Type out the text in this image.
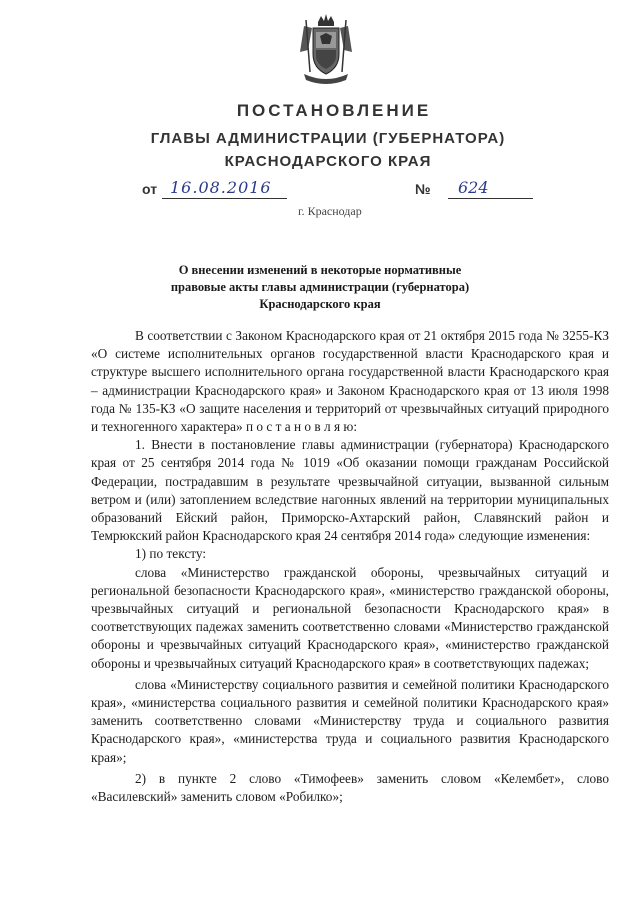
ПОСТАНОВЛЕНИЕ
ГЛАВЫ АДМИНИСТРАЦИИ (ГУБЕРНАТОРА)
КРАСНОДАРСКОГО КРАЯ
от 16.08.2016	№ 624
г. Краснодар
О внесении изменений в некоторые нормативные
правовые акты главы администрации (губернатора)
Краснодарского края

В соответствии с Законом Краснодарского края от 21 октября 2015 года № 3255-КЗ «О системе исполнительных органов государственной власти Краснодарского края и структуре высшего исполнительного органа государственной власти Краснодарского края – администрации Краснодарского края» и Законом Краснодарского края от 13 июля 1998 года № 135-КЗ «О защите населения и территорий от чрезвычайных ситуаций природного и техногенного характера» п о с т а н о в л я ю:

1. Внести в постановление главы администрации (губернатора) Краснодарского края от 25 сентября 2014 года № 1019 «Об оказании помощи гражданам Российской Федерации, пострадавшим в результате чрезвычайной ситуации, вызванной сильным ветром и (или) затоплением вследствие нагонных явлений на территории муниципальных образований Ейский район, Приморско-Ахтарский район, Славянский район и Темрюкский район Краснодарского края 24 сентября 2014 года» следующие изменения:

1) по тексту:

слова «Министерство гражданской обороны, чрезвычайных ситуаций и региональной безопасности Краснодарского края», «министерство гражданской обороны, чрезвычайных ситуаций и региональной безопасности Краснодарского края» в соответствующих падежах заменить соответственно словами «Министерство гражданской обороны и чрезвычайных ситуаций Краснодарского края», «министерство гражданской обороны и чрезвычайных ситуаций Краснодарского края» в соответствующих падежах;

слова «Министерству социального развития и семейной политики Краснодарского края», «министерства социального развития и семейной политики Краснодарского края» заменить соответственно словами «Министерству труда и социального развития Краснодарского края», «министерства труда и социального развития Краснодарского края»;

2) в пункте 2 слово «Тимофеев» заменить словом «Келембет», слово «Василевский» заменить словом «Робилко»;
